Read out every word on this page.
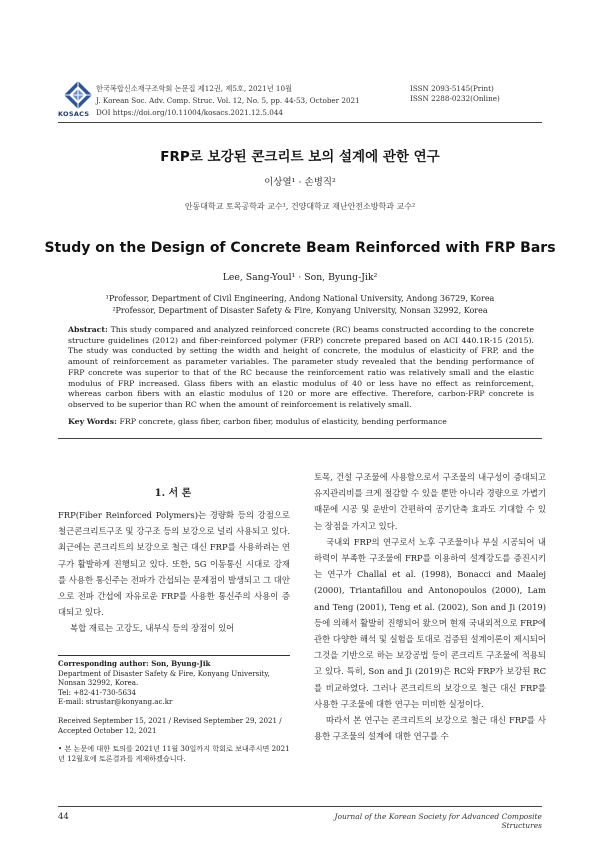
KOSACS
한국복합신소재구조학회 논문집 제12권, 제5호, 2021년 10월
J. Korean Soc. Adv. Comp. Struc. Vol. 12, No. 5, pp. 44-53, October 2021
DOI https://doi.org/10.11004/kosacs.2021.12.5.044
ISSN 2093-5145(Print)
ISSN 2288-0232(Online)
FRP로 보강된 콘크리트 보의 설계에 관한 연구
이상열¹ · 손병직²
안동대학교 토목공학과 교수¹, 건양대학교 재난안전소방학과 교수²
Study on the Design of Concrete Beam Reinforced with FRP Bars
Lee, Sang-Youl¹ · Son, Byung-Jik²
¹Professor, Department of Civil Engineering, Andong National University, Andong 36729, Korea
²Professor, Department of Disaster Safety & Fire, Konyang University, Nonsan 32992, Korea
Abstract: This study compared and analyzed reinforced concrete (RC) beams constructed according to the concrete structure guidelines (2012) and fiber-reinforced polymer (FRP) concrete prepared based on ACI 440.1R-15 (2015). The study was conducted by setting the width and height of concrete, the modulus of elasticity of FRP, and the amount of reinforcement as parameter variables. The parameter study revealed that the bending performance of FRP concrete was superior to that of the RC because the reinforcement ratio was relatively small and the elastic modulus of FRP increased. Glass fibers with an elastic modulus of 40 or less have no effect as reinforcement, whereas carbon fibers with an elastic modulus of 120 or more are effective. Therefore, carbon-FRP concrete is observed to be superior than RC when the amount of reinforcement is relatively small.
Key Words: FRP concrete, glass fiber, carbon fiber, modulus of elasticity, bending performance
1. 서 론

FRP(Fiber Reinforced Polymers)는 경량화 등의 강점으로 철근콘크리트구조 및 강구조 등의 보강으로 널리 사용되고 있다. 최근에는 콘크리트의 보강으로 철근 대신 FRP를 사용하려는 연구가 활발하게 진행되고 있다. 또한, 5G 이동통신 시대로 강재를 사용한 통신주는 전파가 간섭되는 문제점이 발생되고 그 대안으로 전파 간섭에 자유로운 FRP를 사용한 통신주의 사용이 증대되고 있다.

복합 재료는 고강도, 내부식 등의 장점이 있어

Corresponding author: Son, Byung-Jik
Department of Disaster Safety & Fire, Konyang University, Nonsan 32992, Korea.
Tel: +82-41-730-5634
E-mail: strustar@konyang.ac.kr
Received September 15, 2021 / Revised September 29, 2021 / Accepted October 12, 2021
• 본 논문에 대한 토의를 2021년 11월 30일까지 학회로 보내주시면 2021년 12월호에 토론결과를 게재하겠습니다.

토목, 건설 구조물에 사용함으로서 구조물의 내구성이 증대되고 유지관리비를 크게 절감할 수 있을 뿐만 아니라 경량으로 가볍기 때문에 시공 및 운반이 간편하여 공기단축 효과도 기대할 수 있는 장점을 가지고 있다.

국내외 FRP의 연구로서 노후 구조물이나 부실 시공되어 내하력이 부족한 구조물에 FRP를 이용하여 설계강도를 증진시키는 연구가 Challal et al. (1998), Bonacci and Maalej (2000), Triantafillou and Antonopoulos (2000), Lam and Teng (2001), Teng et al. (2002), Son and Ji (2019) 등에 의해서 활발히 진행되어 왔으며 현재 국내외적으로 FRP에 관한 다양한 해석 및 실험을 토대로 검증된 설계이론이 제시되어 그것을 기반으로 하는 보강공법 등이 콘크리트 구조물에 적용되고 있다. 특히, Son and Ji (2019)은 RC와 FRP가 보강된 RC를 비교하였다. 그러나 콘크리트의 보강으로 철근 대신 FRP를 사용한 구조물에 대한 연구는 미비한 실정이다.

따라서 본 연구는 콘크리트의 보강으로 철근 대신 FRP를 사용한 구조물의 설계에 대한 연구를 수

44	Journal of the Korean Society for Advanced Composite Structures
